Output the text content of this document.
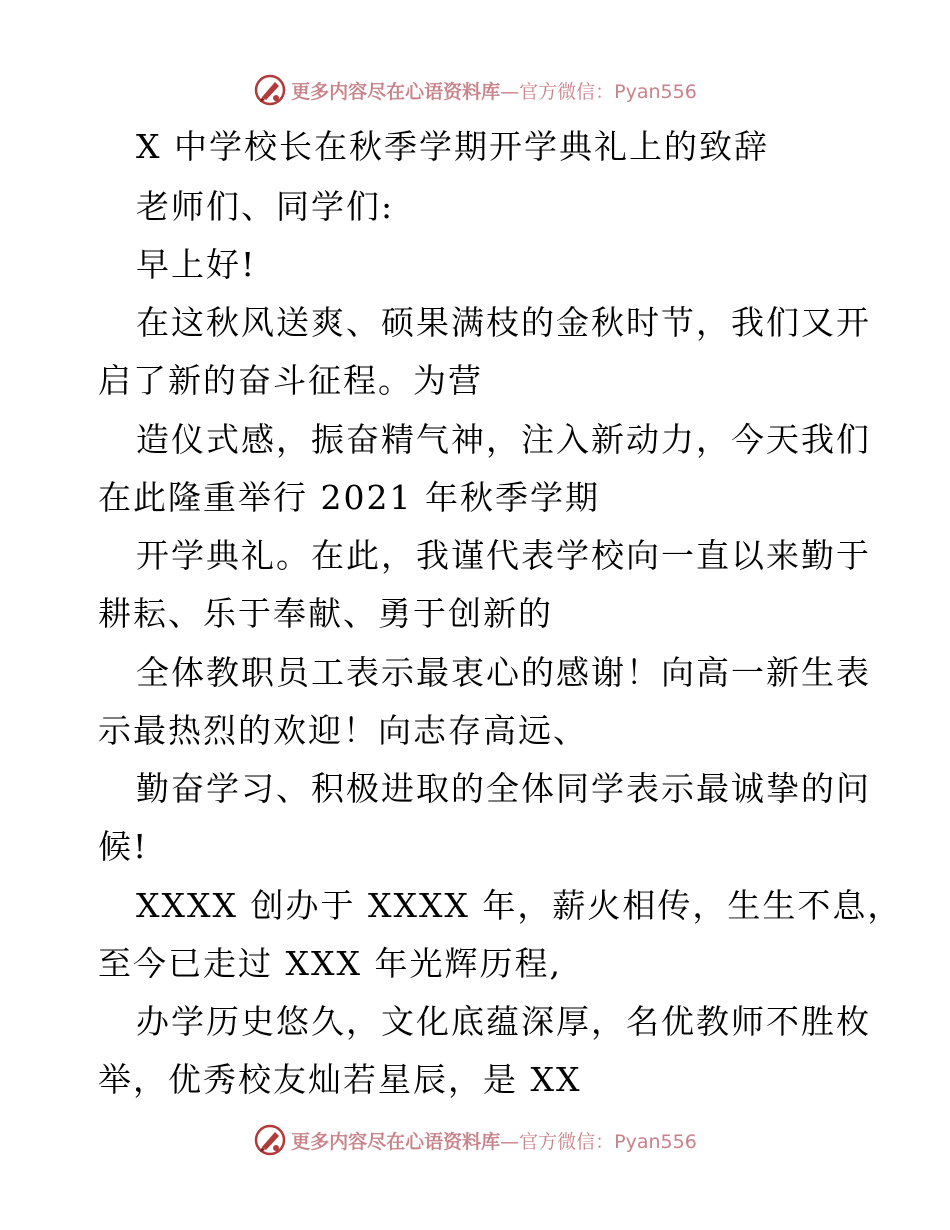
更多内容尽在心语资料库—官方微信：Pyan556
X 中学校长在秋季学期开学典礼上的致辞
老师们、同学们:
早上好!
在这秋风送爽、硕果满枝的金秋时节，我们又开
启了新的奋斗征程。为营
造仪式感，振奋精气神，注入新动力，今天我们
在此隆重举行 2021 年秋季学期
开学典礼。在此，我谨代表学校向一直以来勤于
耕耘、乐于奉献、勇于创新的
全体教职员工表示最衷心的感谢！向高一新生表
示最热烈的欢迎！向志存高远、
勤奋学习、积极进取的全体同学表示最诚挚的问
候!
XXXX 创办于 XXXX 年，薪火相传，生生不息，
至今已走过 XXX 年光辉历程,
办学历史悠久，文化底蕴深厚，名优教师不胜枚
举，优秀校友灿若星辰，是 XX
更多内容尽在心语资料库—官方微信：Pyan556
